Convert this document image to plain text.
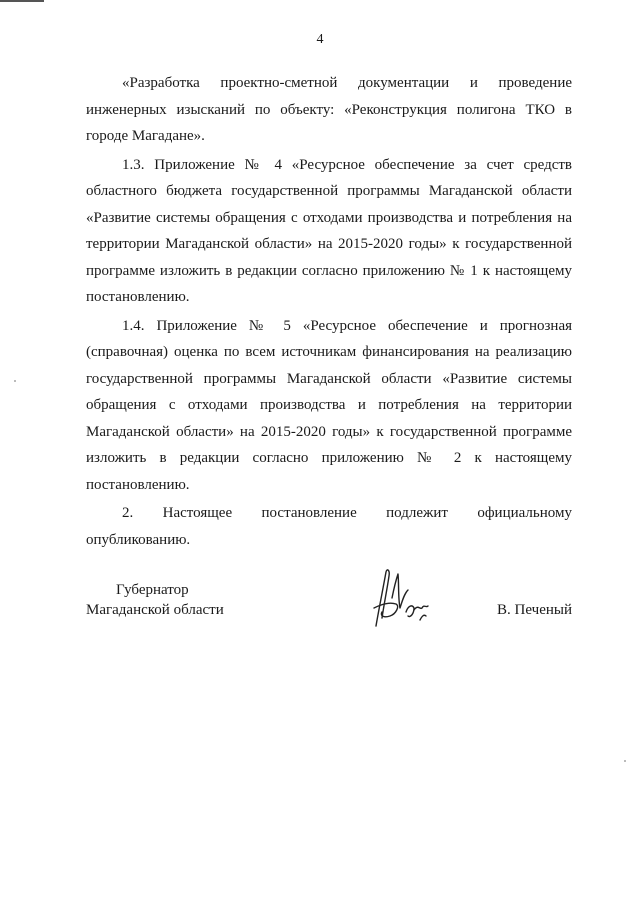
4

«Разработка проектно-сметной документации и проведение инженерных изысканий по объекту: «Реконструкция полигона ТКО в городе Магадане».

1.3. Приложение № 4 «Ресурсное обеспечение за счет средств областного бюджета государственной программы Магаданской области «Развитие системы обращения с отходами производства и потребления на территории Магаданской области» на 2015-2020 годы» к государственной программе изложить в редакции согласно приложению № 1 к настоящему постановлению.

1.4. Приложение № 5 «Ресурсное обеспечение и прогнозная (справочная) оценка по всем источникам финансирования на реализацию государственной программы Магаданской области «Развитие системы обращения с отходами производства и потребления на территории Магаданской области» на 2015-2020 годы» к государственной программе изложить в редакции согласно приложению № 2 к настоящему постановлению.

2. Настоящее постановление подлежит официальному опубликованию.

Губернатор
Магаданской области	В. Печеный
